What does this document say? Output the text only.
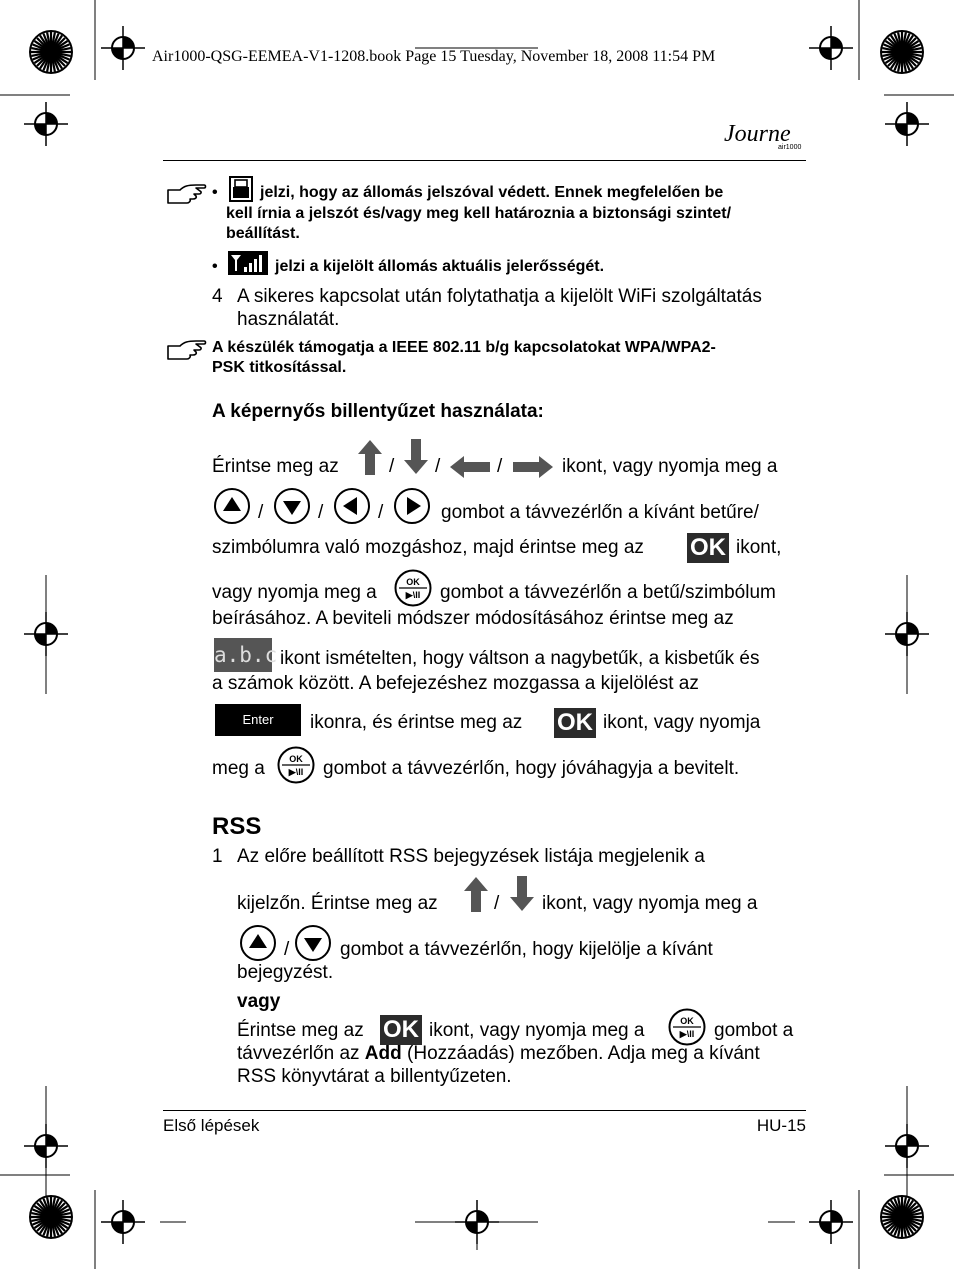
Air1000-QSG-EEMEA-V1-1208.book Page 15 Tuesday, November 18, 2008 11:54 PM
Journe
air1000
•	jelzi, hogy az állomás jelszóval védett. Ennek megfelelően be
kell írnia a jelszót és/vagy meg kell határoznia a biztonsági szintet/
beállítást.
•	jelzi a kijelölt állomás aktuális jelerősségét.
4 A sikeres kapcsolat után folytathatja a kijelölt WiFi szolgáltatás
használatát.
A készülék támogatja a IEEE 802.11 b/g kapcsolatokat WPA/WPA2-
PSK titkosítással.
A képernyős billentyűzet használata:
Érintse meg az	/ /	/	ikont, vagy nyomja meg a
/	/	/	gombot a távvezérlőn a kívánt betűre/
szimbólumra való mozgáshoz, majd érintse meg az OK ikont,
vagy nyomja meg a	OK
▶\II gombot a távvezérlőn a betű/szimbólum
beírásához. A beviteli módszer módosításához érintse meg az
a.b.c ikont ismételten, hogy váltson a nagybetűk, a kisbetűk és
a számok között. A befejezéshez mozgassa a kijelölést az
Enter	ikonra, és érintse meg az OK ikont, vagy nyomja
meg a	OK
▶\II gombot a távvezérlőn, hogy jóváhagyja a bevitelt.
RSS
1 Az előre beállított RSS bejegyzések listája megjelenik a
kijelzőn. Érintse meg az	/ ikont, vagy nyomja meg a
/	gombot a távvezérlőn, hogy kijelölje a kívánt
bejegyzést.
vagy
Érintse meg az OK ikont, vagy nyomja meg a	OK
▶\II gombot a
távvezérlőn az Add (Hozzáadás) mezőben. Adja meg a kívánt
RSS könyvtárat a billentyűzeten.
Első lépések	HU-15
